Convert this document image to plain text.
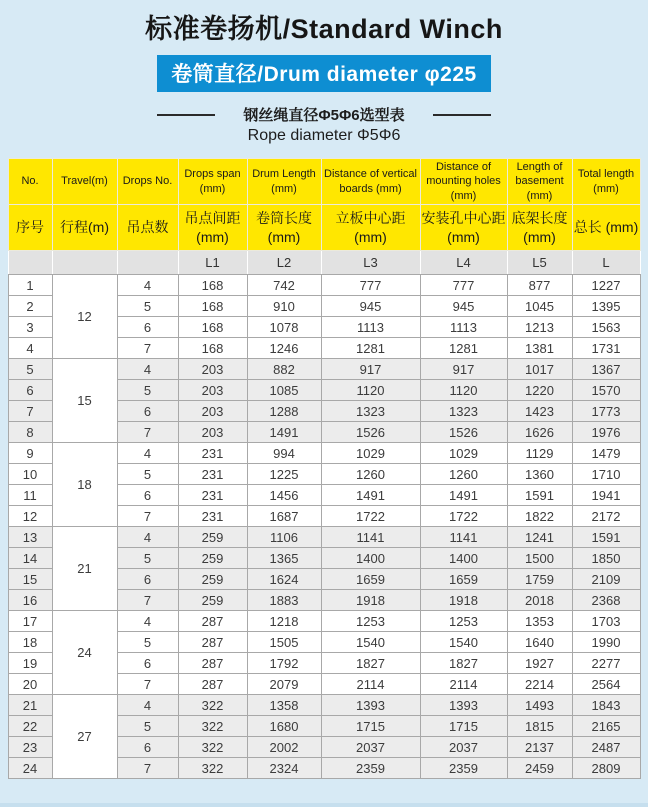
标准卷扬机/Standard Winch
卷筒直径/Drum diameter φ225
钢丝绳直径Φ5Φ6选型表
Rope diameter Φ5Φ6
No.	Travel(m)	Drops No.	Drops span (mm)	Drum Length (mm)	Distance of vertical boards (mm)	Distance of mounting holes (mm)	Length of basement (mm)	Total length (mm)
序号	行程(m)	吊点数	吊点间距 (mm)	卷筒长度 (mm)	立板中心距 (mm)	安装孔中心距 (mm)	底架长度 (mm)	总长 (mm)
			L1	L2	L3	L4	L5	L
1	12	4	168	742	777	777	877	1227
2		5	168	910	945	945	1045	1395
3		6	168	1078	1113	1113	1213	1563
4		7	168	1246	1281	1281	1381	1731
5	15	4	203	882	917	917	1017	1367
6		5	203	1085	1120	1120	1220	1570
7		6	203	1288	1323	1323	1423	1773
8		7	203	1491	1526	1526	1626	1976
9	18	4	231	994	1029	1029	1129	1479
10		5	231	1225	1260	1260	1360	1710
11		6	231	1456	1491	1491	1591	1941
12		7	231	1687	1722	1722	1822	2172
13	21	4	259	1106	1141	1141	1241	1591
14		5	259	1365	1400	1400	1500	1850
15		6	259	1624	1659	1659	1759	2109
16		7	259	1883	1918	1918	2018	2368
17	24	4	287	1218	1253	1253	1353	1703
18		5	287	1505	1540	1540	1640	1990
19		6	287	1792	1827	1827	1927	2277
20		7	287	2079	2114	2114	2214	2564
21	27	4	322	1358	1393	1393	1493	1843
22		5	322	1680	1715	1715	1815	2165
23		6	322	2002	2037	2037	2137	2487
24		7	322	2324	2359	2359	2459	2809
